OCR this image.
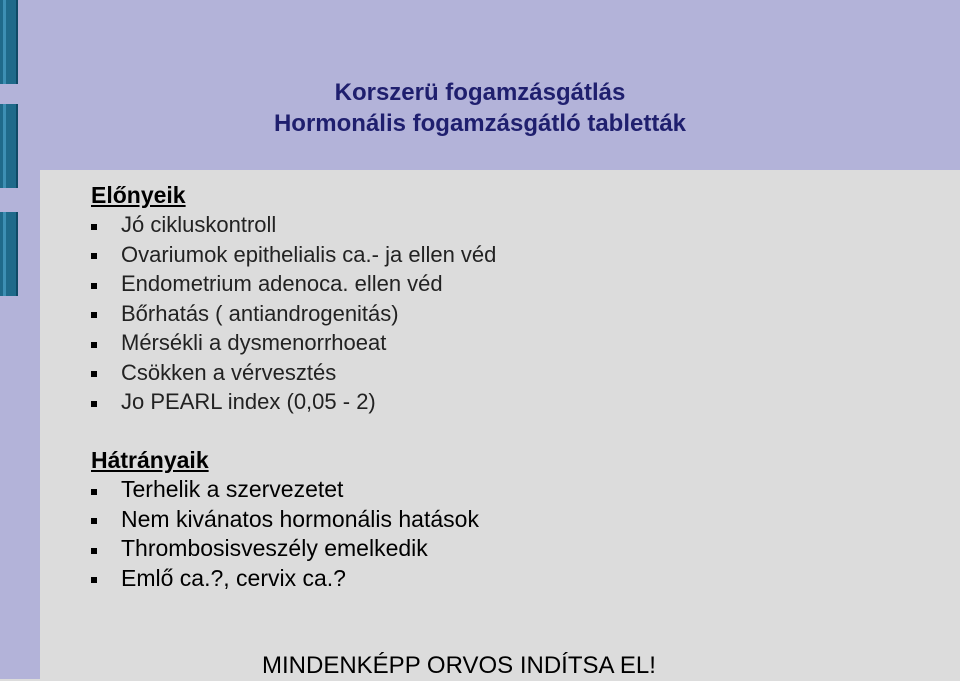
Korszerü fogamzásgátlás
Hormonális fogamzásgátló tabletták
Előnyeik
Jó cikluskontroll
Ovariumok epithelialis ca.- ja ellen véd
Endometrium adenoca. ellen véd
Bőrhatás ( antiandrogenitás)
Mérsékli a dysmenorrhoeat
Csökken a vérvesztés
Jo PEARL index (0,05 - 2)
Hátrányaik
Terhelik a szervezetet
Nem kivánatos hormonális hatások
Thrombosisveszély emelkedik
Emlő ca.?, cervix ca.?
MINDENKÉPP ORVOS INDÍTSA EL!
